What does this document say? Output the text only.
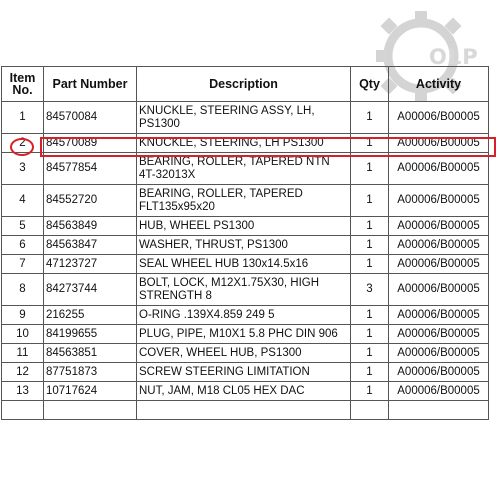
OLP
Item
No.	Part Number	Description	Qty	Activity
1	84570084	KNUCKLE, STEERING ASSY, LH, PS1300	1	A00006/B00005
2	84570089	KNUCKLE, STEERING, LH PS1300	1	A00006/B00005
3	84577854	BEARING, ROLLER, TAPERED NTN 4T-32013X	1	A00006/B00005
4	84552720	BEARING, ROLLER, TAPERED FLT135x95x20	1	A00006/B00005
5	84563849	HUB, WHEEL PS1300	1	A00006/B00005
6	84563847	WASHER, THRUST, PS1300	1	A00006/B00005
7	47123727	SEAL WHEEL HUB 130x14.5x16	1	A00006/B00005
8	84273744	BOLT, LOCK, M12X1.75X30, HIGH STRENGTH 8	3	A00006/B00005
9	216255	O-RING .139X4.859 249 5	1	A00006/B00005
10	84199655	PLUG, PIPE, M10X1 5.8 PHC DIN 906	1	A00006/B00005
11	84563851	COVER, WHEEL HUB, PS1300	1	A00006/B00005
12	87751873	SCREW STEERING LIMITATION	1	A00006/B00005
13	10717624	NUT, JAM, M18 CL05 HEX DAC	1	A00006/B00005
